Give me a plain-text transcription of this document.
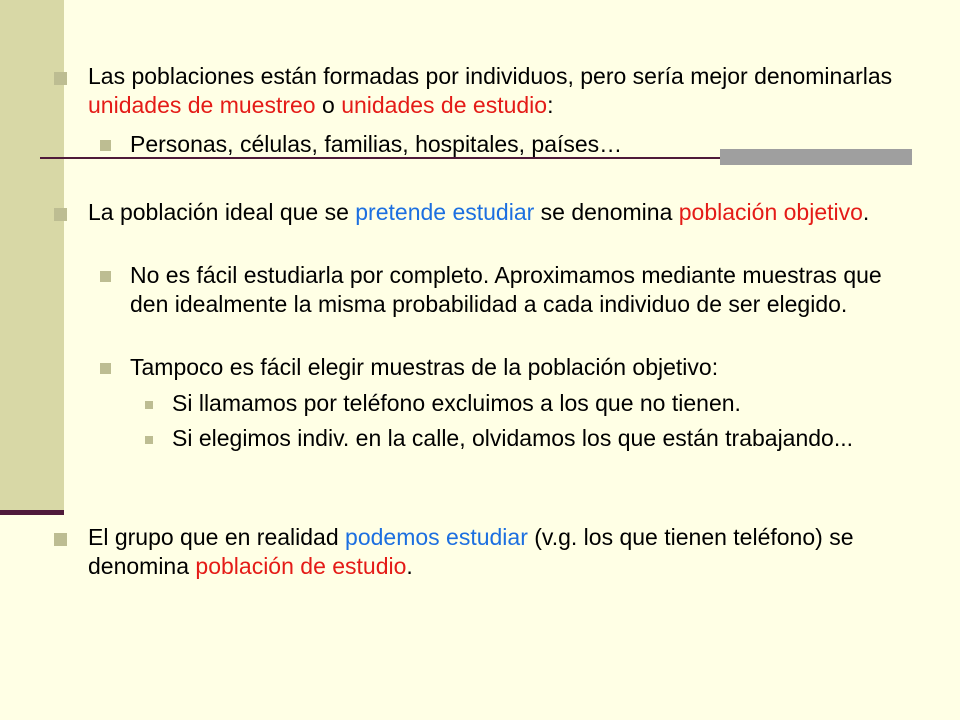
Las poblaciones están formadas por individuos, pero sería mejor denominarlas unidades de muestreo o unidades de estudio:
Personas, células, familias, hospitales, países…
La población ideal que se pretende estudiar se denomina población objetivo.
No es fácil estudiarla por completo. Aproximamos mediante muestras que den idealmente la misma probabilidad a cada individuo de ser elegido.
Tampoco es fácil elegir muestras de la población objetivo:
Si llamamos por teléfono excluimos a los que no tienen.
Si elegimos indiv. en la calle, olvidamos los que están trabajando...
El grupo que en realidad podemos estudiar (v.g. los que tienen teléfono) se denomina población de estudio.
